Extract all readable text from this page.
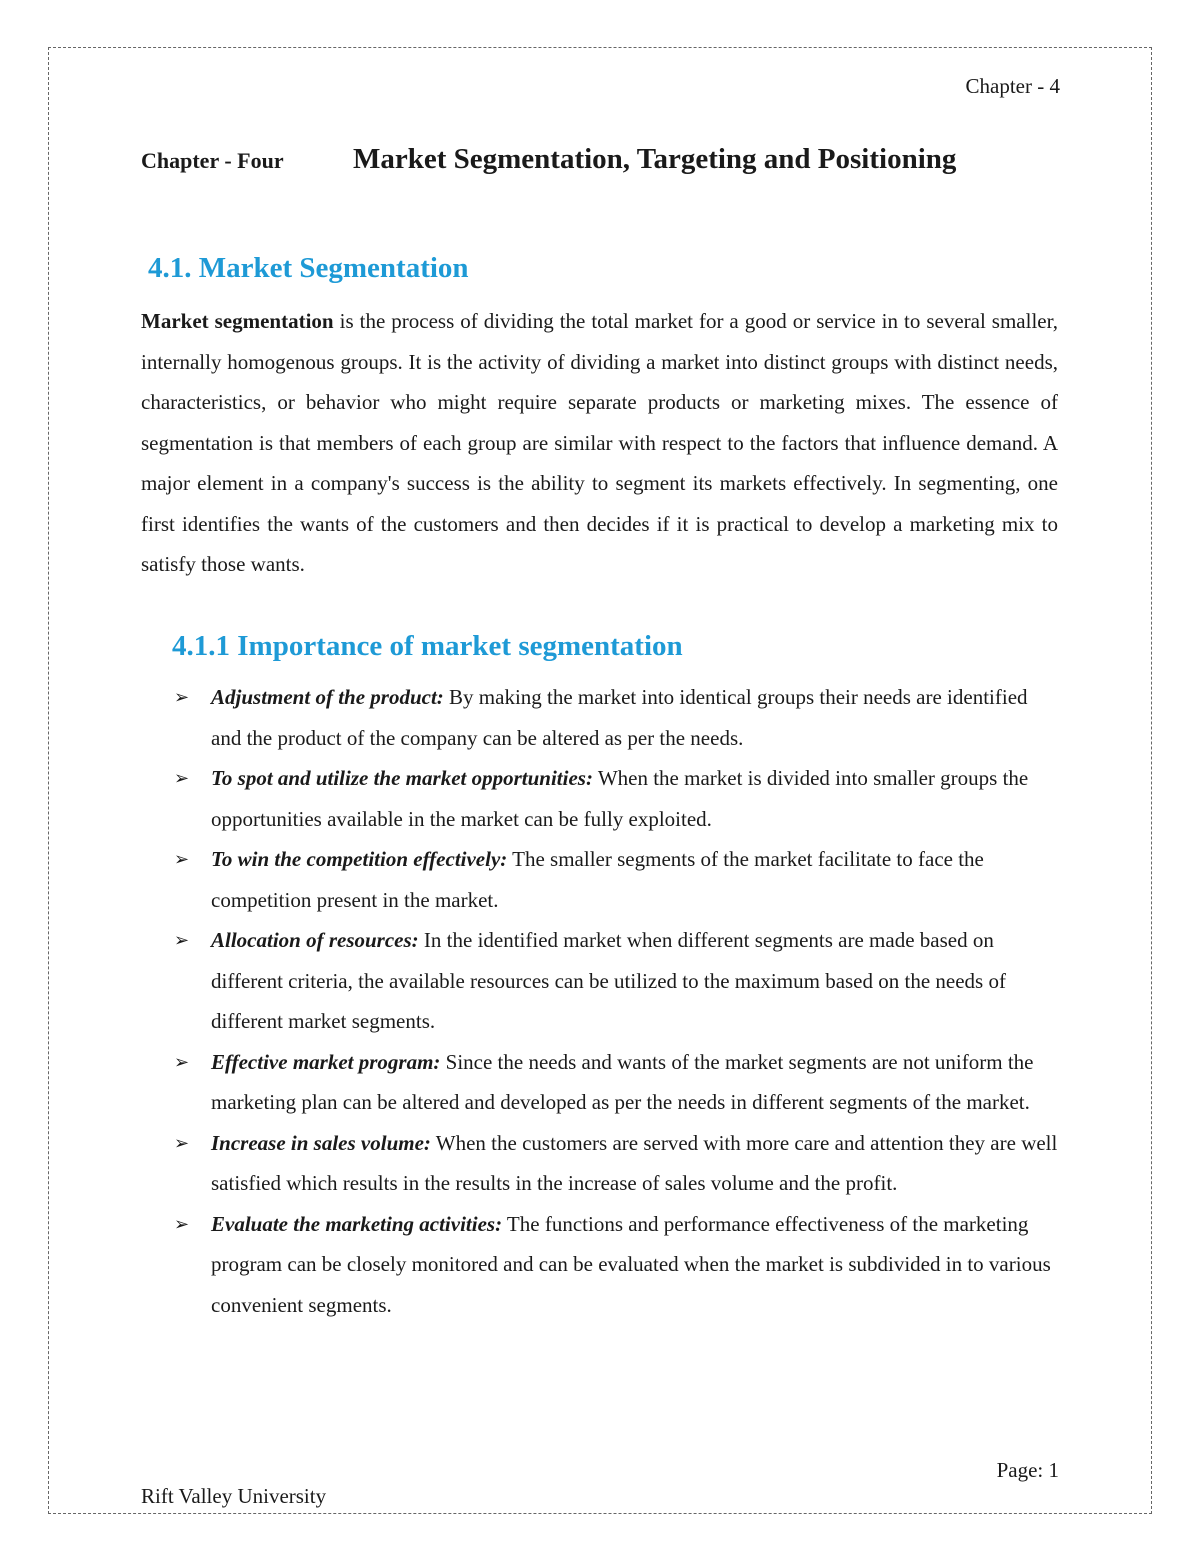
Chapter - 4
Chapter - Four Market Segmentation, Targeting and Positioning
4.1. Market Segmentation

Market segmentation is the process of dividing the total market for a good or service in to several smaller, internally homogenous groups. It is the activity of dividing a market into distinct groups with distinct needs, characteristics, or behavior who might require separate products or marketing mixes. The essence of segmentation is that members of each group are similar with respect to the factors that influence demand. A major element in a company's success is the ability to segment its markets effectively. In segmenting, one first identifies the wants of the customers and then decides if it is practical to develop a marketing mix to satisfy those wants.

4.1.1 Importance of market segmentation
➢ Adjustment of the product: By making the market into identical groups their needs are identified and the product of the company can be altered as per the needs.
➢ To spot and utilize the market opportunities: When the market is divided into smaller groups the opportunities available in the market can be fully exploited.
➢ To win the competition effectively: The smaller segments of the market facilitate to face the competition present in the market.
➢ Allocation of resources: In the identified market when different segments are made based on different criteria, the available resources can be utilized to the maximum based on the needs of different market segments.
➢ Effective market program: Since the needs and wants of the market segments are not uniform the marketing plan can be altered and developed as per the needs in different segments of the market.
➢ Increase in sales volume: When the customers are served with more care and attention they are well satisfied which results in the results in the increase of sales volume and the profit.
➢ Evaluate the marketing activities: The functions and performance effectiveness of the marketing program can be closely monitored and can be evaluated when the market is subdivided in to various convenient segments.
Page: 1
Rift Valley University
